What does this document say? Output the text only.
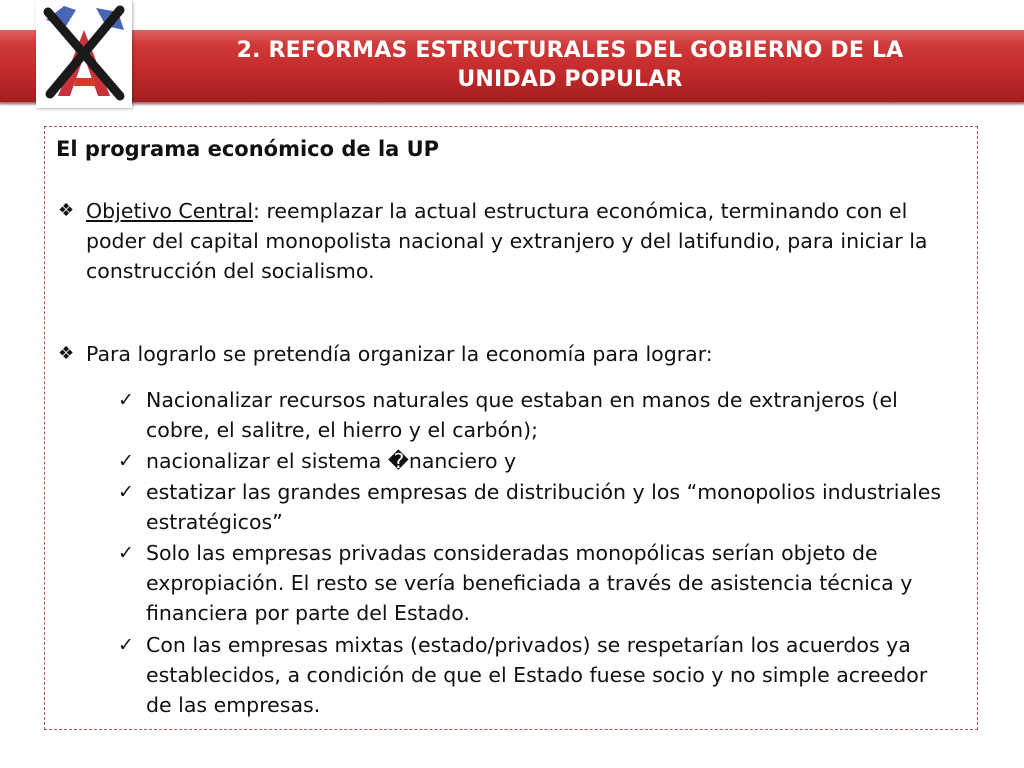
2. REFORMAS ESTRUCTURALES DEL GOBIERNO DE LA
UNIDAD POPULAR
El programa económico de la UP
❖ Objetivo Central: reemplazar la actual estructura económica, terminando con el poder del capital monopolista nacional y extranjero y del latifundio, para iniciar la construcción del socialismo.
❖ Para lograrlo se pretendía organizar la economía para lograr:
✓ Nacionalizar recursos naturales que estaban en manos de extranjeros (el cobre, el salitre, el hierro y el carbón);
✓ nacionalizar el sistema �nanciero y
✓ estatizar las grandes empresas de distribución y los “monopolios industriales estratégicos”
✓ Solo las empresas privadas consideradas monopólicas serían objeto de expropiación. El resto se vería beneficiada a través de asistencia técnica y financiera por parte del Estado.
✓ Con las empresas mixtas (estado/privados) se respetarían los acuerdos ya establecidos, a condición de que el Estado fuese socio y no simple acreedor de las empresas.
